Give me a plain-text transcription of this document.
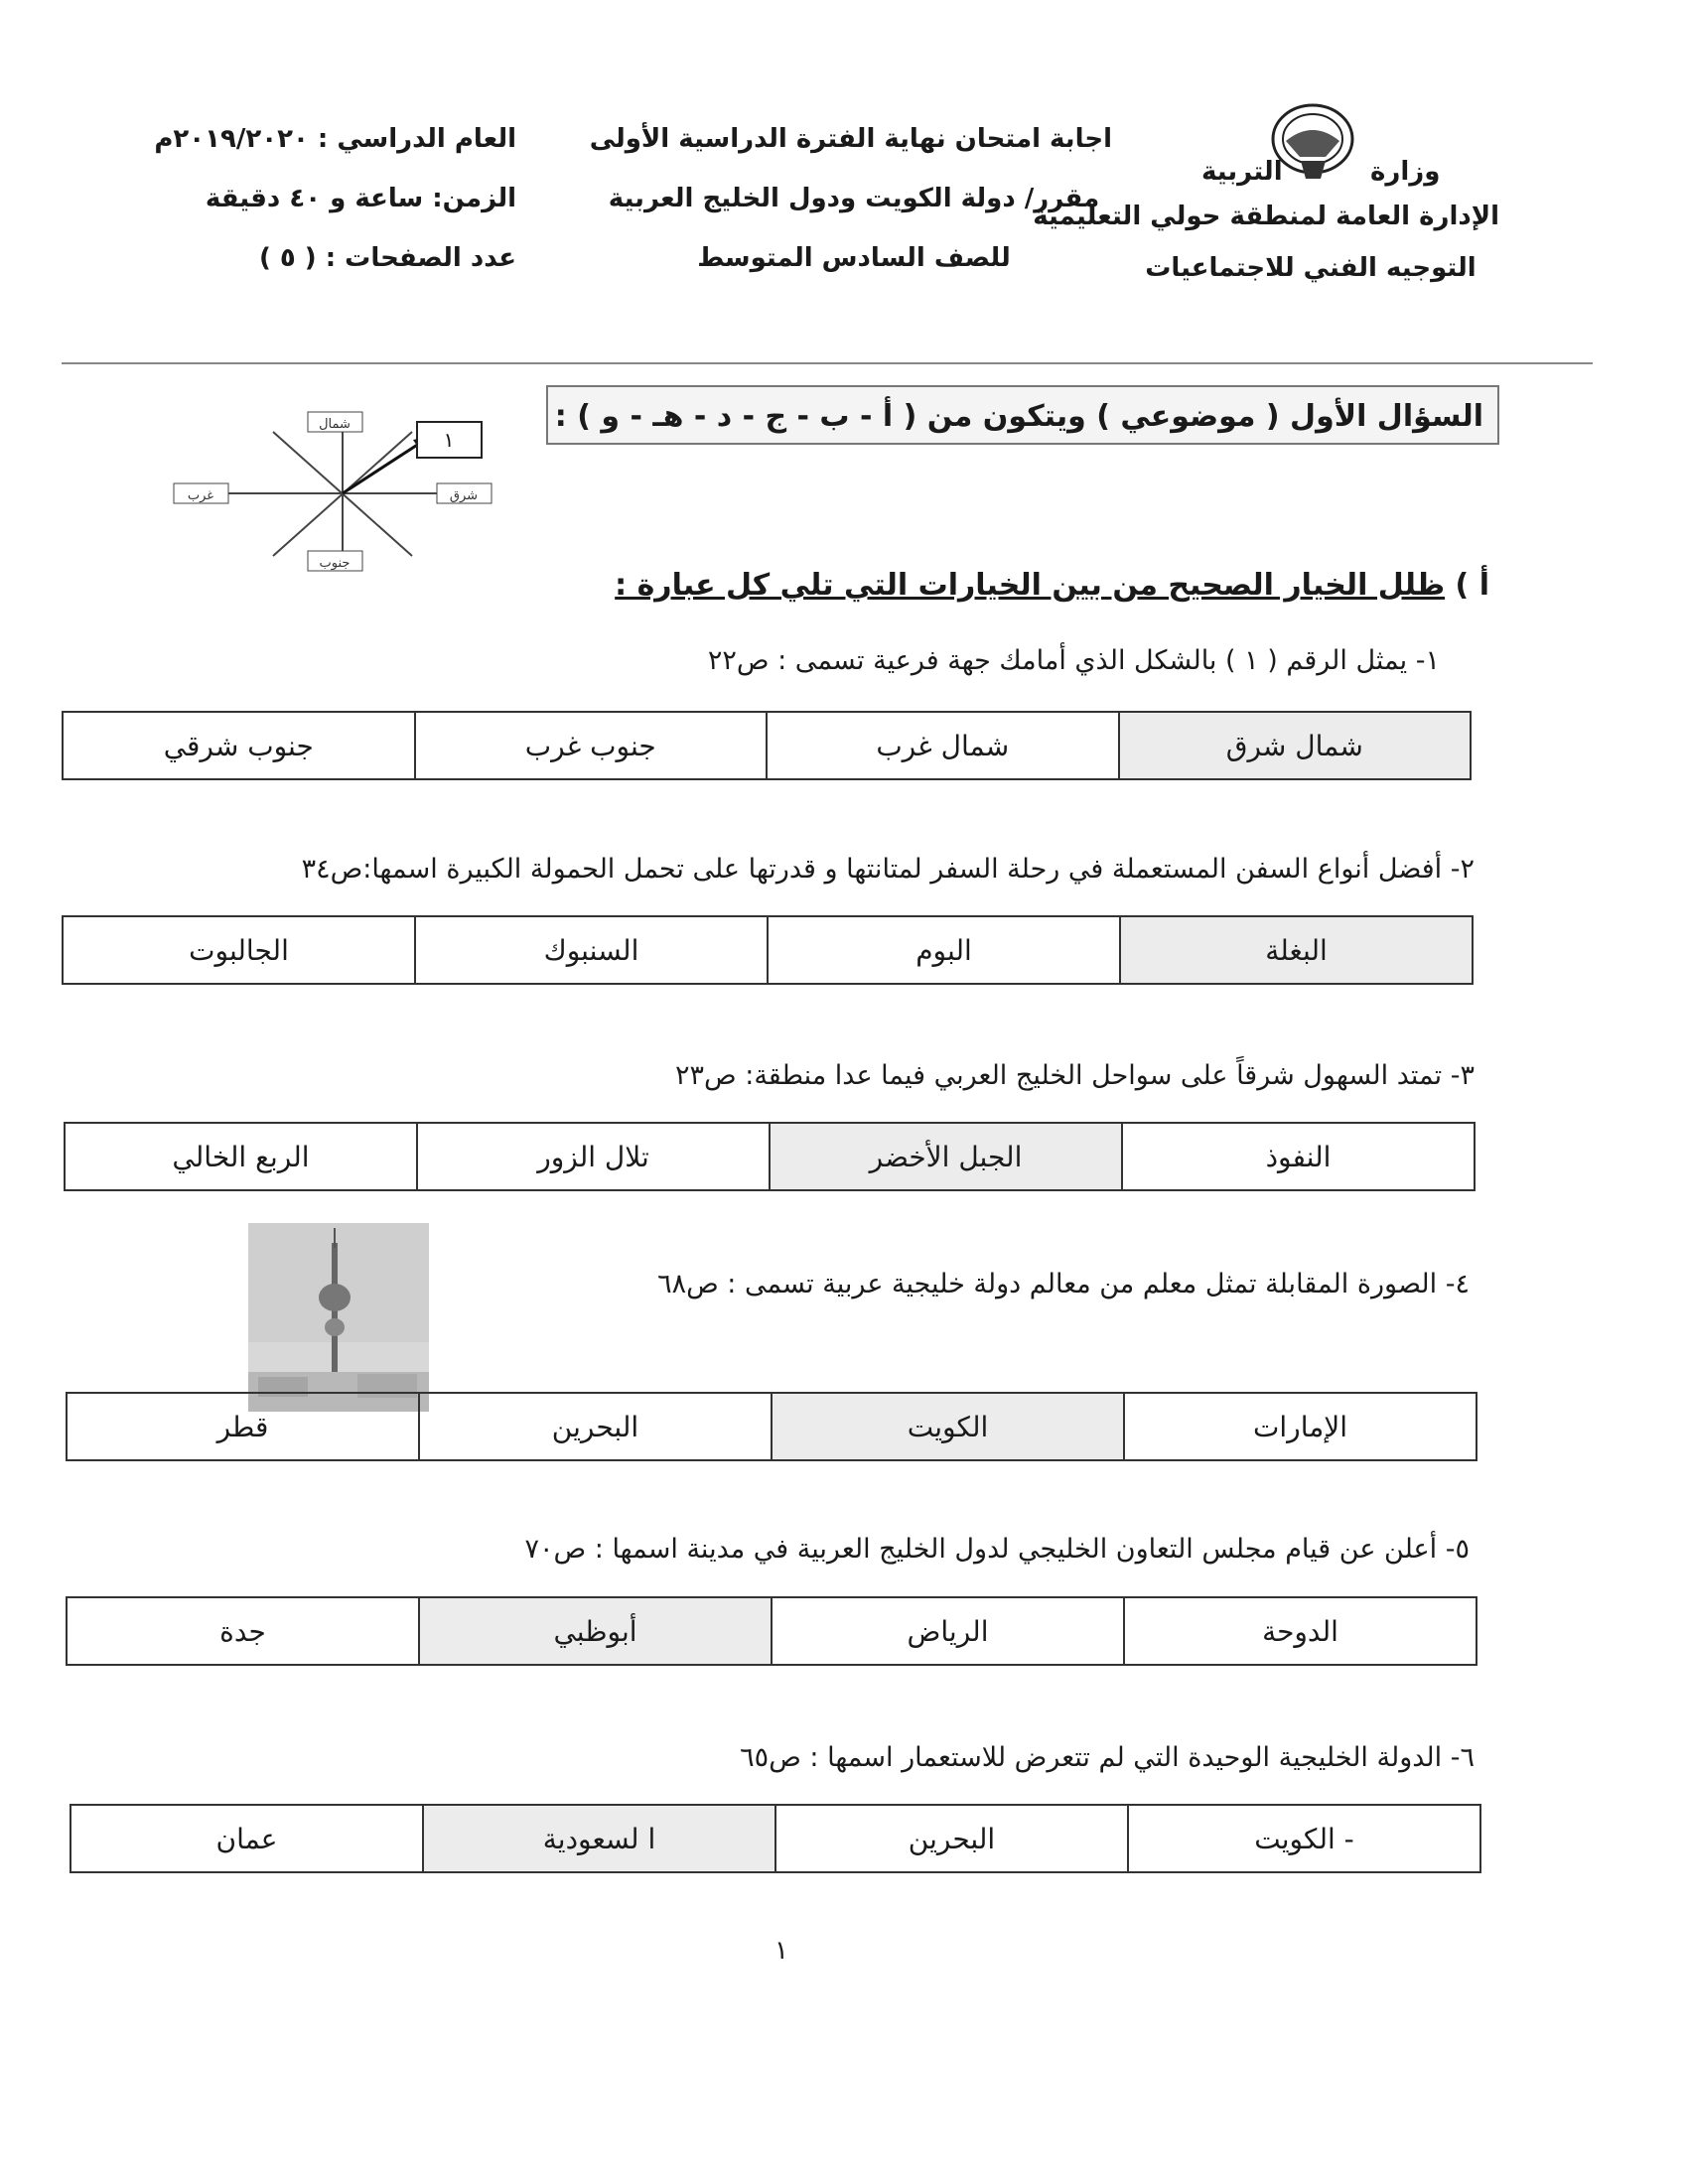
وزارة
التربية
الإدارة العامة لمنطقة حولي التعليمية
التوجيه الفني للاجتماعيات
اجابة امتحان نهاية الفترة الدراسية الأولى
مقرر/ دولة الكويت ودول الخليج العربية
للصف السادس المتوسط
العام الدراسي : ٢٠١٩/٢٠٢٠م
الزمن: ساعة و ٤٠ دقيقة
عدد الصفحات : ( ٥ )
السؤال الأول ( موضوعي ) ويتكون من ( أ - ب - ج - د - هـ - و ) :
شمال
جنوب
غرب	شرق
١
أ ) ظلل الخيار الصحيح من بين الخيارات التي تلي كل عبارة :
١- يمثل الرقم ( ١ ) بالشكل الذي أمامك جهة فرعية تسمى : ص٢٢
شمال شرق	شمال غرب	جنوب غرب	جنوب شرقي
٢- أفضل أنواع السفن المستعملة في رحلة السفر لمتانتها و قدرتها على تحمل الحمولة الكبيرة اسمها:ص٣٤
البغلة	البوم	السنبوك	الجالبوت
٣- تمتد السهول شرقاً على سواحل الخليج العربي فيما عدا منطقة: ص٢٣
النفوذ	الجبل الأخضر	تلال الزور	الربع الخالي
٤- الصورة المقابلة تمثل معلم من معالم دولة خليجية عربية تسمى : ص٦٨
الإمارات	الكويت	البحرين	قطر
٥- أعلن عن قيام مجلس التعاون الخليجي لدول الخليج العربية في مدينة اسمها : ص٧٠
الدوحة	الرياض	أبوظبي	جدة
٦- الدولة الخليجية الوحيدة التي لم تتعرض للاستعمار اسمها : ص٦٥
- الكويت	البحرين	ا لسعودية	عمان
١
